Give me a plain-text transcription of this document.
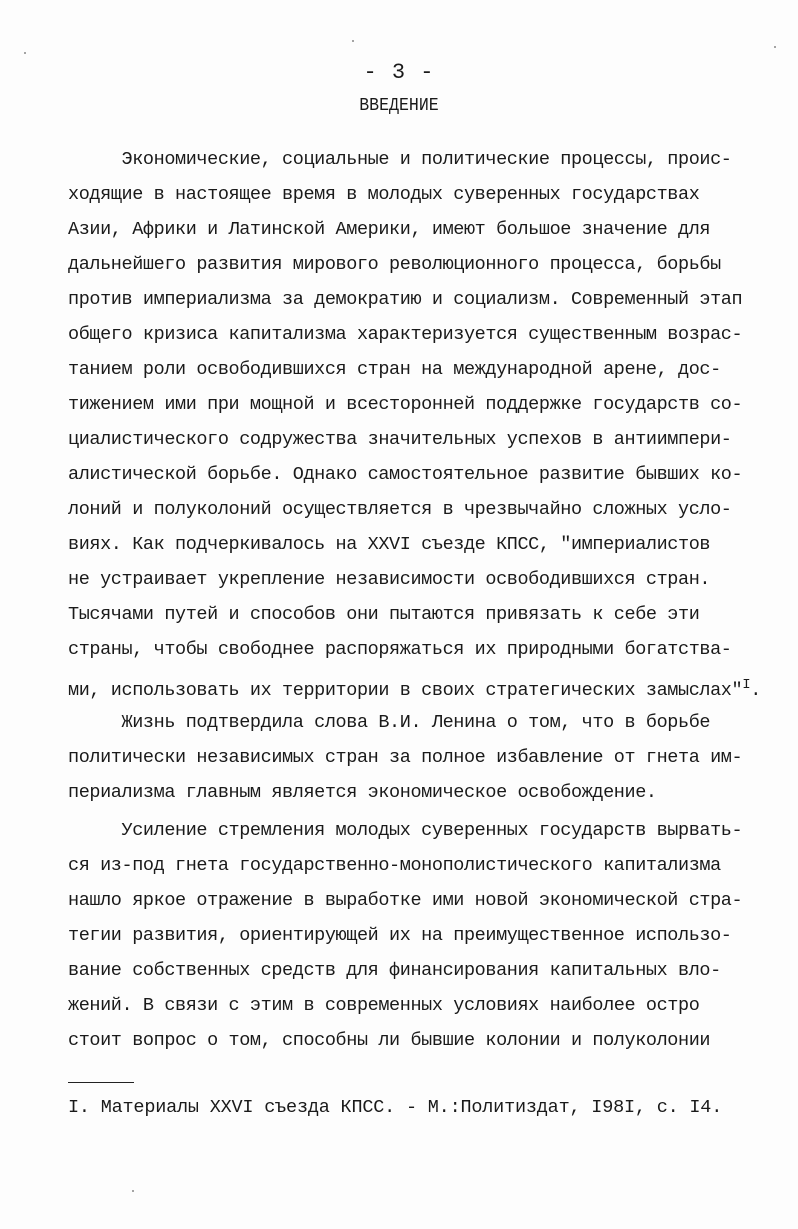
- 3 -
ВВЕДЕНИЕ
Экономические, социальные и политические процессы, проис-
ходящие в настоящее время в молодых суверенных государствах
Азии, Африки и Латинской Америки, имеют большое значение для
дальнейшего развития мирового революционного процесса, борьбы
против империализма за демократию и социализм. Современный этап
общего кризиса капитализма характеризуется существенным возрас-
танием роли освободившихся стран на международной арене, дос-
тижением ими при мощной и всесторонней поддержке государств со-
циалистического содружества значительных успехов в антиимпери-
алистической борьбе. Однако самостоятельное развитие бывших ко-
лоний и полуколоний осуществляется в чрезвычайно сложных усло-
виях. Как подчеркивалось на XXVI съезде КПСС, "империалистов
не устраивает укрепление независимости освободившихся стран.
Тысячами путей и способов они пытаются привязать к себе эти
страны, чтобы свободнее распоряжаться их природными богатства-
ми, использовать их территории в своих стратегических замыслах"$^I$.
Жизнь подтвердила слова В.И. Ленина о том, что в борьбе
политически независимых стран за полное избавление от гнета им-
периализма главным является экономическое освобождение.
Усиление стремления молодых суверенных государств вырвать-
ся из-под гнета государственно-монополистического капитализма
нашло яркое отражение в выработке ими новой экономической стра-
тегии развития, ориентирующей их на преимущественное использо-
вание собственных средств для финансирования капитальных вло-
жений. В связи с этим в современных условиях наиболее остро
стоит вопрос о том, способны ли бывшие колонии и полуколонии
I. Материалы XXVI съезда КПСС. - М.:Политиздат, I98I, с. I4.
